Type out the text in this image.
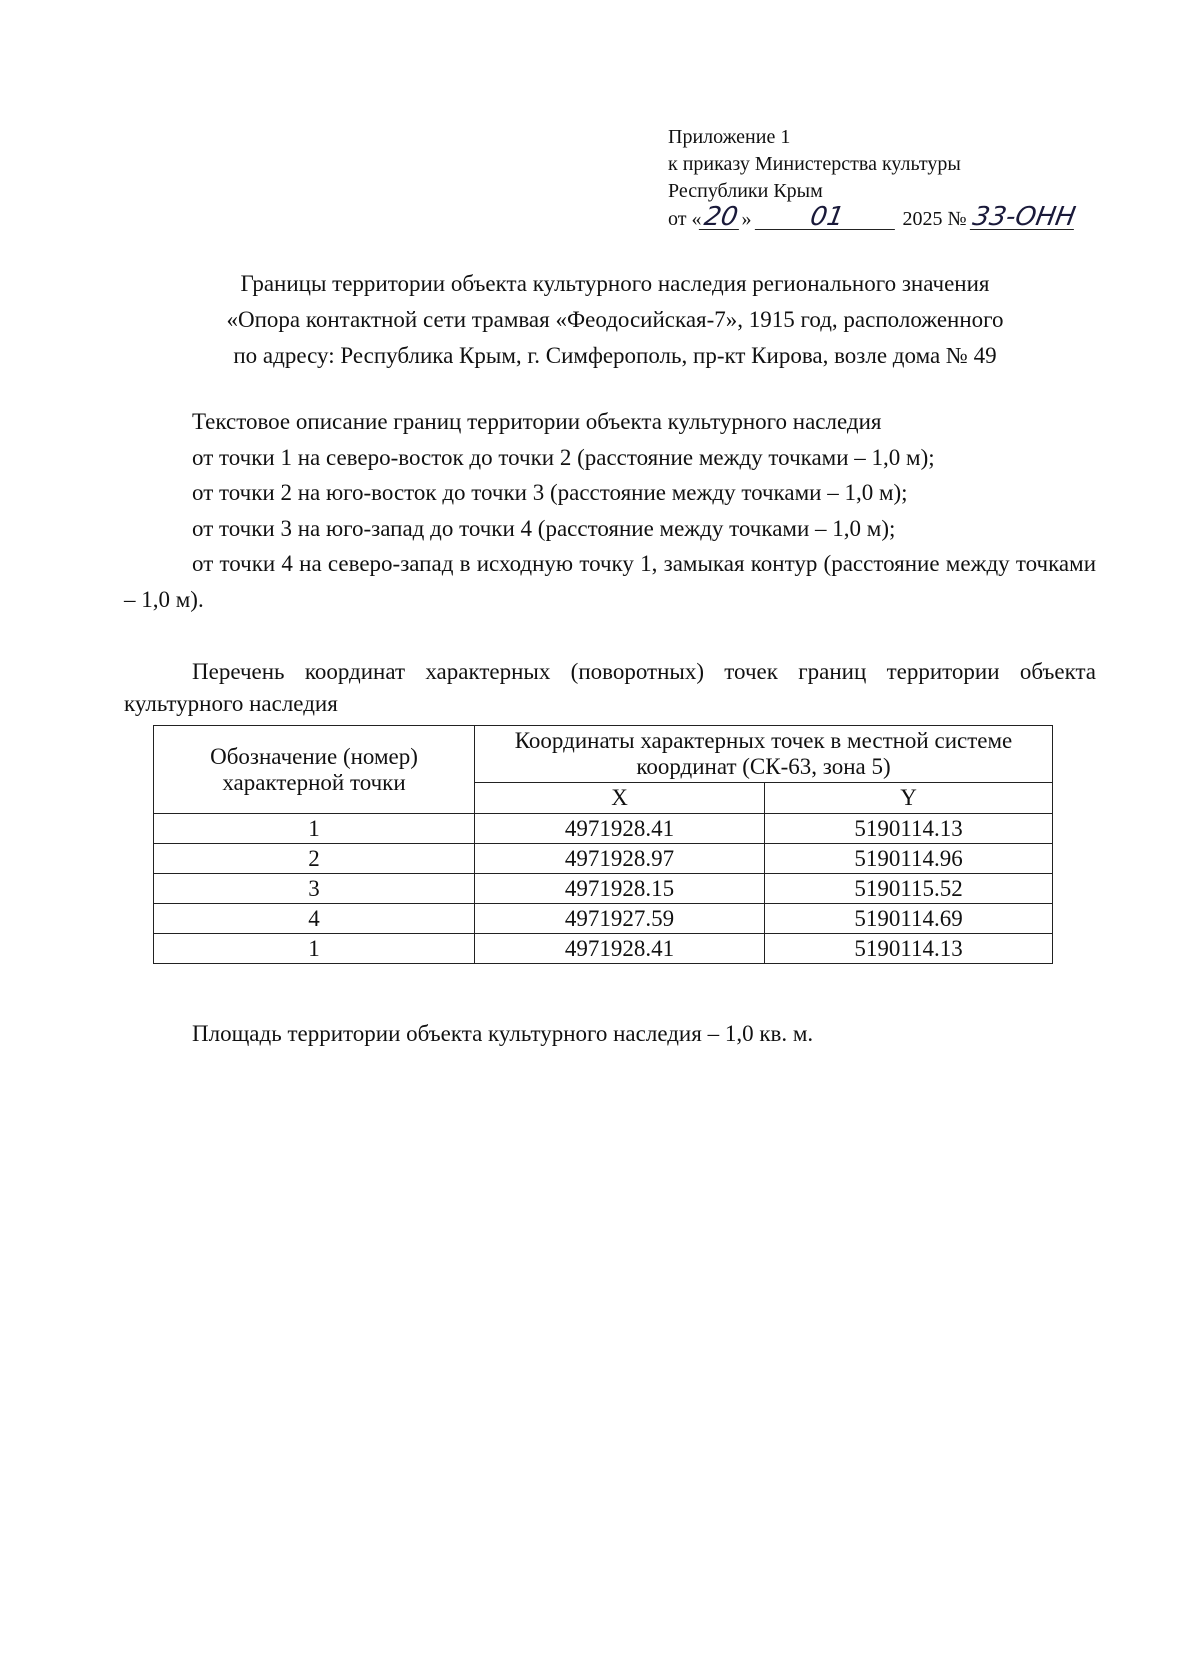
Приложение 1
к приказу Министерства культуры
Республики Крым
от «20» 01	2025 № 33-ОНН
Границы территории объекта культурного наследия регионального значения
«Опора контактной сети трамвая «Феодосийская-7», 1915 год, расположенного
по адресу: Республика Крым, г. Симферополь, пр-кт Кирова, возле дома № 49
Текстовое описание границ территории объекта культурного наследия
от точки 1 на северо-восток до точки 2 (расстояние между точками – 1,0 м);
от точки 2 на юго-восток до точки 3 (расстояние между точками – 1,0 м);
от точки 3 на юго-запад до точки 4 (расстояние между точками – 1,0 м);
от точки 4 на северо-запад в исходную точку 1, замыкая контур (расстояние между точками – 1,0 м).
Перечень координат характерных (поворотных) точек границ территории объекта культурного наследия
Обозначение (номер) характерной точки	Координаты характерных точек в местной системе координат (СК-63, зона 5)	
	X	Y
1	4971928.41	5190114.13
2	4971928.97	5190114.96
3	4971928.15	5190115.52
4	4971927.59	5190114.69
1	4971928.41	5190114.13
Площадь территории объекта культурного наследия – 1,0 кв. м.
